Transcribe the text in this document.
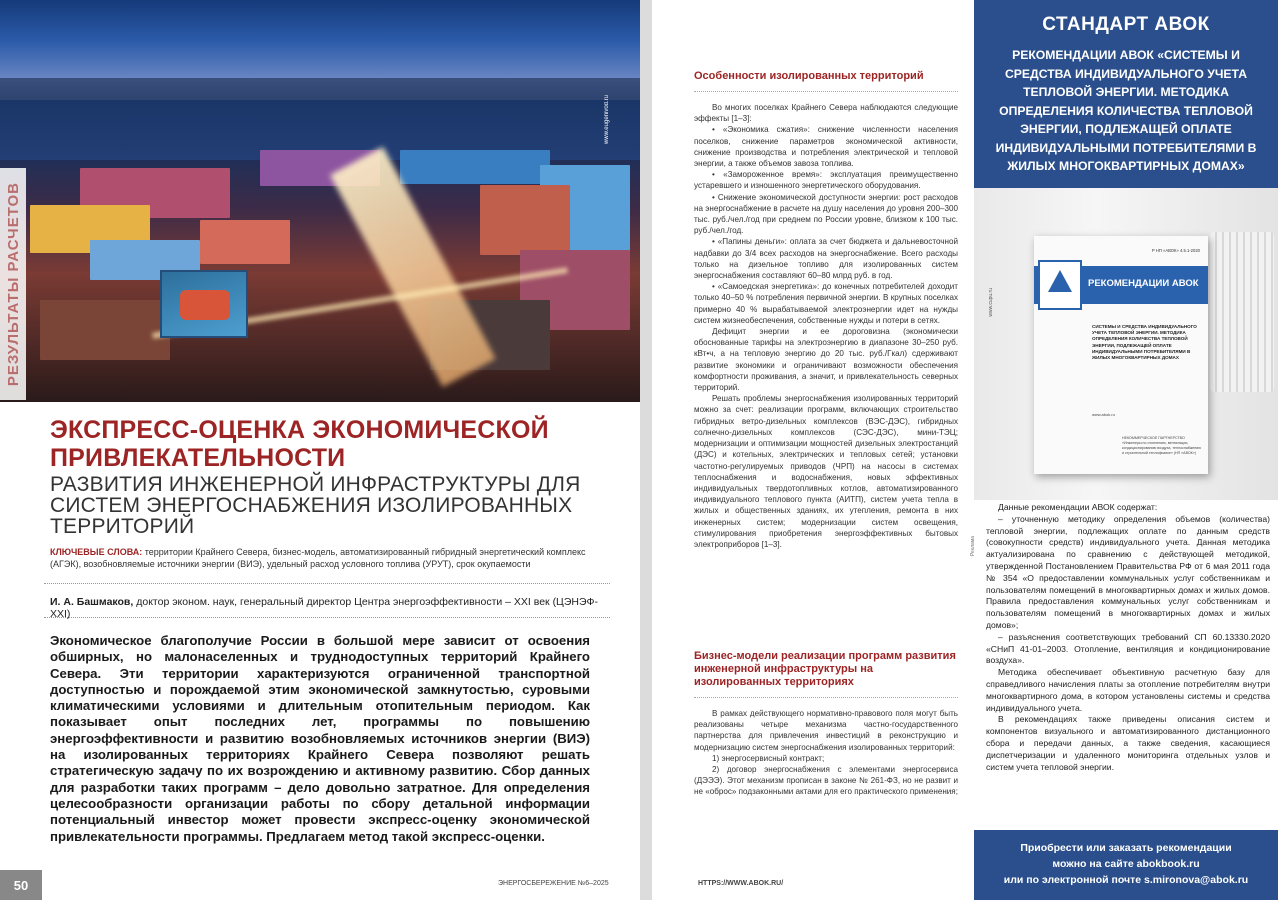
www.eugenivod.ru
РЕЗУЛЬТАТЫ РАСЧЕТОВ
ЭКСПРЕСС-ОЦЕНКА ЭКОНОМИЧЕСКОЙ ПРИВЛЕКАТЕЛЬНОСТИ
РАЗВИТИЯ ИНЖЕНЕРНОЙ ИНФРАСТРУКТУРЫ ДЛЯ СИСТЕМ ЭНЕРГОСНАБЖЕНИЯ ИЗОЛИРОВАННЫХ ТЕРРИТОРИЙ
КЛЮЧЕВЫЕ СЛОВА: территории Крайнего Севера, бизнес-модель, автоматизированный гибридный энергетический комплекс (АГЭК), возобновляемые источники энергии (ВИЭ), удельный расход условного топлива (УРУТ), срок окупаемости
И. А. Башмаков, доктор эконом. наук, генеральный директор Центра энергоэффективности – XXI век (ЦЭНЭФ-XXI)
Экономическое благополучие России в большой мере зависит от освоения обширных, но малонаселенных и труднодоступных территорий Крайнего Севера. Эти территории характеризуются ограниченной транспортной доступностью и порождаемой этим экономической замкнутостью, суровыми климатическими условиями и длительным отопительным периодом. Как показывает опыт последних лет, программы по повышению энергоэффективности и развитию возобновляемых источников энергии (ВИЭ) на изолированных территориях Крайнего Севера позволяют решать стратегическую задачу по их возрождению и активному развитию. Сбор данных для разработки таких программ – дело довольно затратное. Для определения целесообразности организации работы по сбору детальной информации потенциальный инвестор может провести экспресс-оценку экономической привлекательности программы. Предлагаем метод такой экспресс-оценки.
50	ЭНЕРГОСБЕРЕЖЕНИЕ №6–2025
Особенности изолированных территорий

Во многих поселках Крайнего Севера наблюдаются следующие эффекты [1–3]:

• «Экономика сжатия»: снижение численности населения поселков, снижение параметров экономической активности, снижение производства и потребления электрической и тепловой энергии, а также объемов завоза топлива.

• «Замороженное время»: эксплуатация преимущественно устаревшего и изношенного энергетического оборудования.

• Снижение экономической доступности энергии: рост расходов на энергоснабжение в расчете на душу населения до уровня 200–300 тыс. руб./чел./год при среднем по России уровне, близком к 100 тыс. руб./чел./год.

• «Папины деньги»: оплата за счет бюджета и дальневосточной надбавки до 3/4 всех расходов на энергоснабжение. Всего расходы только на дизельное топливо для изолированных систем энергоснабжения составляют 60–80 млрд руб. в год.

• «Самоедская энергетика»: до конечных потребителей доходит только 40–50 % потребления первичной энергии. В крупных поселках примерно 40 % вырабатываемой электроэнергии идет на нужды систем жизнеобеспечения, собственные нужды и потери в сетях.

Дефицит энергии и ее дороговизна (экономически обоснованные тарифы на электроэнергию в диапазоне 30–250 руб. кВт•ч, а на тепловую энергию до 20 тыс. руб./Гкал) сдерживают развитие экономики и ограничивают возможности обеспечения комфортности проживания, а значит, и привлекательность северных территорий.

Решать проблемы энергоснабжения изолированных территорий можно за счет: реализации программ, включающих строительство гибридных ветро-дизельных комплексов (ВЭС-ДЭС), гибридных солнечно-дизельных комплексов (СЭС-ДЭС), мини-ТЭЦ; модернизации и оптимизации мощностей дизельных электростанций (ДЭС) и котельных, электрических и тепловых сетей; установки частотно-регулируемых приводов (ЧРП) на насосы в системах теплоснабжения и водоснабжения, новых эффективных индивидуальных твердотопливных котлов, автоматизированного индивидуального теплового пункта (АИТП), систем учета тепла в жилых и общественных зданиях, их утепления, ремонта в них инженерных систем; модернизации систем освещения, стимулирования приобретения энергоэффективных бытовых электроприборов [1–3].

Бизнес-модели реализации программ развития инженерной инфраструктуры на изолированных территориях

В рамках действующего нормативно-правового поля могут быть реализованы четыре механизма частно-государственного партнерства для привлечения инвестиций в реконструкцию и модернизацию систем энергоснабжения изолированных территорий:

1) энергосервисный контракт;

2) договор энергоснабжения с элементами энергосервиса (ДЭЭЭ). Этот механизм прописан в законе № 261-ФЗ, но не развит и не «оброс» подзаконными актами для его практического применения;

HTTPS://WWW.ABOK.RU/
СТАНДАРТ АВОК
РЕКОМЕНДАЦИИ АВОК «СИСТЕМЫ И СРЕДСТВА ИНДИВИДУАЛЬНОГО УЧЕТА ТЕПЛОВОЙ ЭНЕРГИИ. МЕТОДИКА ОПРЕДЕЛЕНИЯ КОЛИЧЕСТВА ТЕПЛОВОЙ ЭНЕРГИИ, ПОДЛЕЖАЩЕЙ ОПЛАТЕ ИНДИВИДУАЛЬНЫМИ ПОТРЕБИТЕЛЯМИ В ЖИЛЫХ МНОГОКВАРТИРНЫХ ДОМАХ»
www.cupu.ru
Р НП «АВОК» 4.5.1-2020
РЕКОМЕНДАЦИИ АВОК
СИСТЕМЫ И СРЕДСТВА ИНДИВИДУАЛЬНОГО УЧЕТА ТЕПЛОВОЙ ЭНЕРГИИ. МЕТОДИКА ОПРЕДЕЛЕНИЯ КОЛИЧЕСТВА ТЕПЛОВОЙ ЭНЕРГИИ, ПОДЛЕЖАЩЕЙ ОПЛАТЕ ИНДИВИДУАЛЬНЫМИ ПОТРЕБИТЕЛЯМИ В ЖИЛЫХ МНОГОКВАРТИРНЫХ ДОМАХ
www.abok.ru
НЕКОММЕРЧЕСКОЕ ПАРТНЕРСТВО «Инженеры по отоплению, вентиляции, кондиционированию воздуха, теплоснабжению и строительной теплофизике» (НП «АВОК»)

Данные рекомендации АВОК содержат:

– уточненную методику определения объемов (количества) тепловой энергии, подлежащих оплате по данным средств (совокупности средств) индивидуального учета. Данная методика актуализирована по сравнению с действующей методикой, утвержденной Постановлением Правительства РФ от 6 мая 2011 года № 354 «О предоставлении коммунальных услуг собственникам и пользователям помещений в многоквартирных домах и жилых домов. Правила предоставления коммунальных услуг собственникам и пользователям помещений в многоквартирных домах и жилых домов»;

– разъяснения соответствующих требований СП 60.13330.2020 «СНиП 41-01–2003. Отопление, вентиляция и кондиционирование воздуха».

Методика обеспечивает объективную расчетную базу для справедливого начисления платы за отопление потребителям внутри многоквартирного дома, в котором установлены системы и средства индивидуального учета.

В рекомендациях также приведены описания систем и компонентов визуального и автоматизированного дистанционного сбора и передачи данных, а также сведения, касающиеся диспетчеризации и удаленного мониторинга отдельных узлов и систем учета тепловой энергии.

Приобрести или заказать рекомендации
можно на сайте abokbook.ru
или по электронной почте s.mironova@abok.ru
Реклама
